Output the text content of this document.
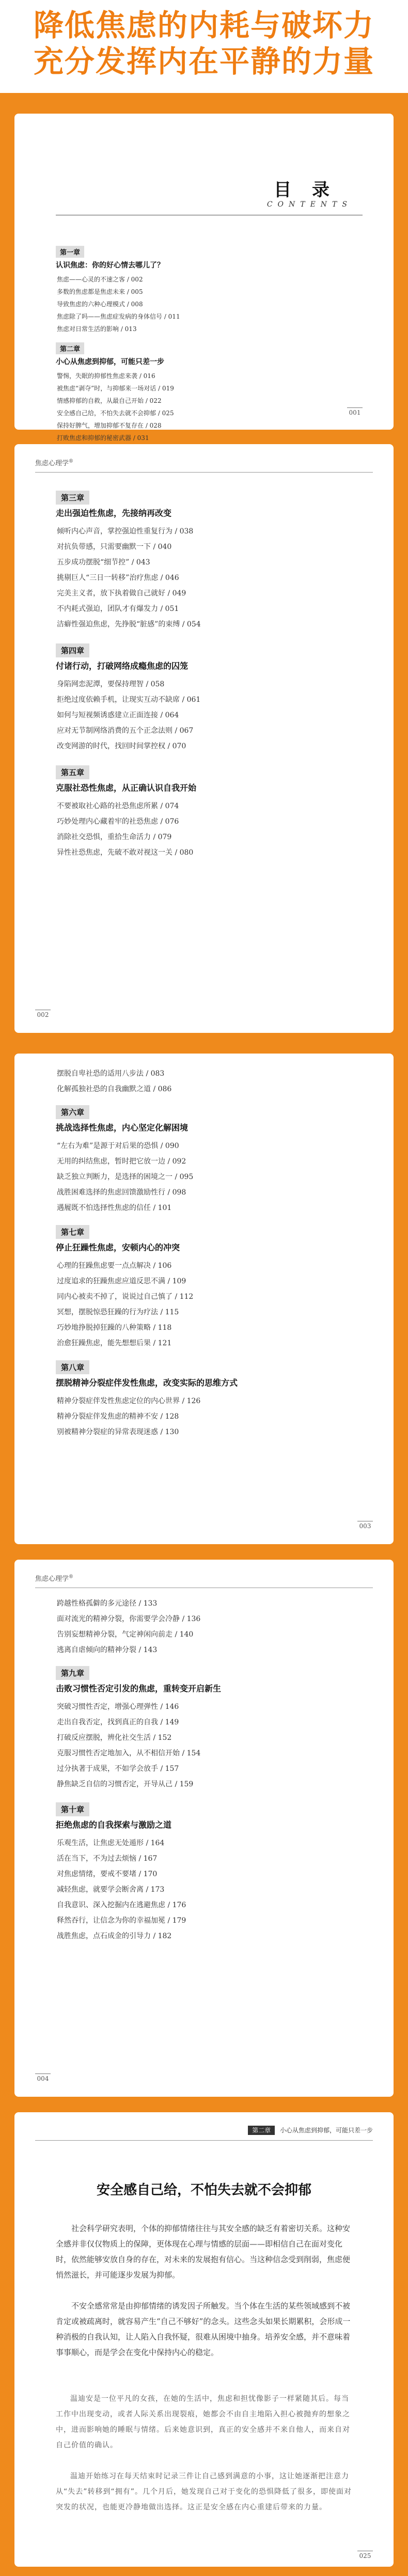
降低焦虑的内耗与破坏力
充分发挥内在平静的力量
目 录
CONTENTS
第一章
认识焦虑：你的好心情去哪儿了？
焦虑——心灵的不速之客 / 002
多数的焦虑都是焦虑未来 / 005
导致焦虑的六种心理模式 / 008
焦虑除了吗——焦虑症发病的身体信号 / 011
焦虑对日常生活的影响 / 013
第二章
小心从焦虑到抑郁，可能只差一步
警惕，失眠的抑郁性焦虑来袭 / 016
被焦虑“剥夺”时，与抑郁来一场对话 / 019
情感抑郁的自救，从最自己开始 / 022
安全感自己给，不怕失去就不会抑郁 / 025
保持好脾气，增加抑郁不复存在 / 028
打败焦虑和抑郁的秘密武器 / 031
001
焦虑心理学®
第三章
走出强迫性焦虑，先接纳再改变
倾听内心声音，掌控强迫性重复行为 / 038
对抗负带感，只需要幽默一下 / 040
五步成功摆脱“细节控” / 043
挑剔巨人“三日一转移”治疗焦虑 / 046
完美主义者，放下执着做自己就好 / 049
不内耗式强迫，团队才有爆发力 / 051
洁癖性强迫焦虑，先挣脱“脏感”的束缚 / 054
第四章
付诸行动，打破网络成瘾焦虑的囚笼
身陷网恋泥潭，要保持理智 / 058
拒绝过度依赖手机，让现实互动不缺席 / 061
如何与短视频诱惑建立正面连接 / 064
应对无节制网络消费的五个正念法则 / 067
改变网游的时代，找回时间掌控权 / 070
第五章
克服社恐性焦虑，从正确认识自我开始
不要被取社心路的社恐焦虑所累 / 074
巧妙处理内心藏着牢的社恐焦虑 / 076
消除社交恐惧，重拾生命活力 / 079
异性社恐焦虑，先破不敢对视这一关 / 080
002
摆脱自卑社恐的适用八步法 / 083
化解孤独社恐的自我幽默之道 / 086
第六章
挑战选择性焦虑，内心坚定化解困境
“左右为难”是源于对后果的恐惧 / 090
无用的纠结焦虑，暂时把它放一边 / 092
缺乏独立判断力，是选择的困境之一 / 095
战胜困难选择的焦虑回馈激励性行 / 098
遇履既不怕选择性焦虑的信任 / 101
第七章
停止狂躁性焦虑，安顿内心的冲突
心理的狂躁焦虑要一点点解决 / 106
过度追求的狂躁焦虑应道反思不满 / 109
同内心被卖不掉了，说说过自己慎了 / 112
冥想，摆脱惊恐狂躁的行为疗法 / 115
巧妙地挣脱掉狂躁的八种策略 / 118
治愈狂躁焦虑，能先想想后果 / 121
第八章
摆脱精神分裂症伴发性焦虑，改变实际的思维方式
精神分裂症伴发性焦虑定位的内心世界 / 126
精神分裂症伴发焦虑的精神不安 / 128
别被精神分裂症的异常表现迷惑 / 130
003
焦虑心理学®
跨越性格孤僻的多元途径 / 133
面对流光的精神分裂，你需要学会冷静 / 136
告别妄想精神分裂，气定神闲向前走 / 140
逃离自虐倾向的精神分裂 / 143
第九章
击败习惯性否定引发的焦虑，重转变开启新生
突破习惯性否定，增强心理弹性 / 146
走出自我否定，找到真正的自我 / 149
打破反应摆脱，辨化社交生活 / 152
克服习惯性否定地加入，从不相信开始 / 154
过分执著于成果，不如学会放手 / 157
静焦缺乏自信的习惯否定，开导从己 / 159
第十章
拒绝焦虑的自我探索与激励之道
乐观生活，让焦虑无处遁形 / 164
活在当下，不为过去烦恼 / 167
对焦虑情绪，要戒不要堵 / 170
减轻焦虑，就要学会断舍离 / 173
自我意识、深入挖掘内在逃避焦虑 / 176
释然吞行，让信念为你的幸福加冕 / 179
战胜焦虑，点石成金的引导力 / 182
004
第二章 小心从焦虑到抑郁，可能只差一步
安全感自己给，不怕失去就不会抑郁
社会科学研究表明，个体的抑郁情绪往往与其安全感的缺乏有着密切关系。这种安全感并非仅仅物质上的保障，更体现在心理与情感的层面——即相信自己在面对变化时，依然能够安放自身的存在，对未来的发展抱有信心。当这种信念受到削弱，焦虑便悄然滋长，并可能逐步发展为抑郁。
不安全感常常是由抑郁情绪的诱发因子所触发。当个体在生活的某些领域感到不被肯定或被疏离时，就容易产生“自己不够好”的念头。这些念头如果长期累积，会形成一种消极的自我认知，让人陷入自我怀疑，很难从困境中抽身。培养安全感，并不意味着事事顺心，而是学会在变化中保持内心的稳定。
温迪安是一位平凡的女孩，在她的生活中，焦虑和担忧像影子一样紧随其后。每当工作中出现变动，或者人际关系出现裂痕，她都会不由自主地陷入担心被抛弃的想象之中，进而影响她的睡眠与情绪。后来她意识到，真正的安全感并不来自他人，而来自对自己价值的确认。
温迪开始练习在每天结束时记录三件让自己感到满意的小事，这让她逐渐把注意力从“失去”转移到“拥有”。几个月后，她发现自己对于变化的恐惧降低了很多，即使面对突发的状况，也能更冷静地做出选择。这正是安全感在内心重建后带来的力量。
025
